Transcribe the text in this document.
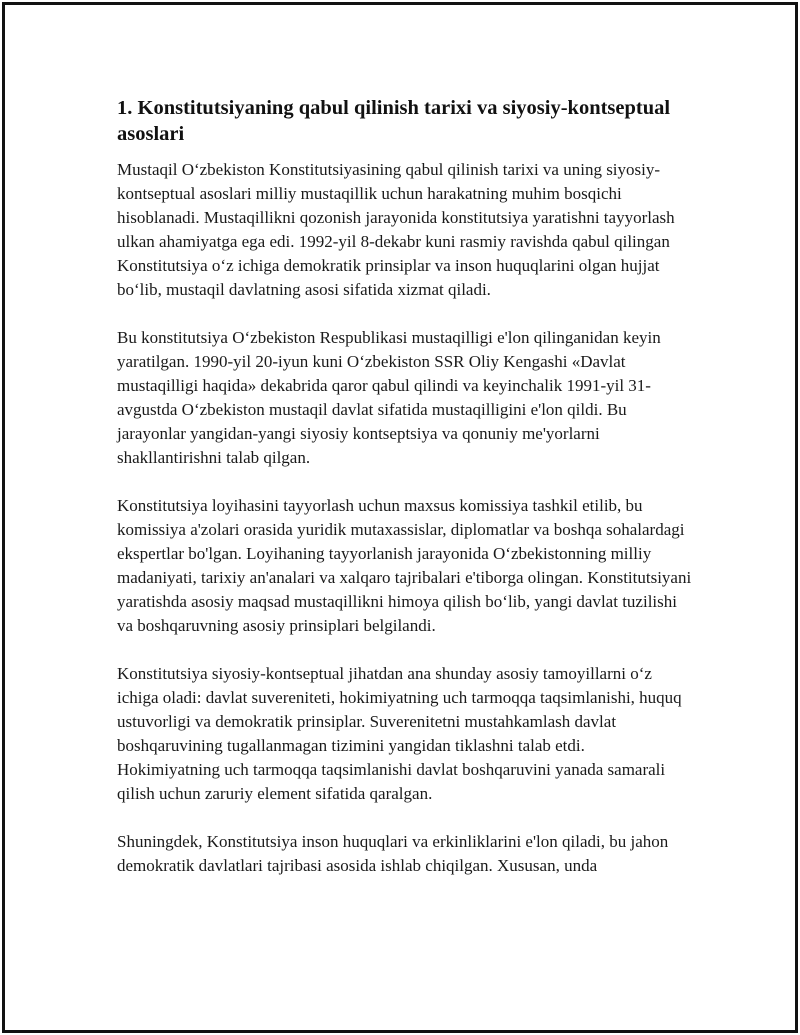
1. Konstitutsiyaning qabul qilinish tarixi va siyosiy-kontseptual asoslari

Mustaqil O‘zbekiston Konstitutsiyasining qabul qilinish tarixi va uning siyosiy-kontseptual asoslari milliy mustaqillik uchun harakatning muhim bosqichi hisoblanadi. Mustaqillikni qozonish jarayonida konstitutsiya yaratishni tayyorlash ulkan ahamiyatga ega edi. 1992-yil 8-dekabr kuni rasmiy ravishda qabul qilingan Konstitutsiya o‘z ichiga demokratik prinsiplar va inson huquqlarini olgan hujjat bo‘lib, mustaqil davlatning asosi sifatida xizmat qiladi.

Bu konstitutsiya O‘zbekiston Respublikasi mustaqilligi e'lon qilinganidan keyin yaratilgan. 1990-yil 20-iyun kuni O‘zbekiston SSR Oliy Kengashi «Davlat mustaqilligi haqida» dekabrida qaror qabul qilindi va keyinchalik 1991-yil 31-avgustda O‘zbekiston mustaqil davlat sifatida mustaqilligini e'lon qildi. Bu jarayonlar yangidan-yangi siyosiy kontseptsiya va qonuniy me'yorlarni shakllantirishni talab qilgan.

Konstitutsiya loyihasini tayyorlash uchun maxsus komissiya tashkil etilib, bu komissiya a'zolari orasida yuridik mutaxassislar, diplomatlar va boshqa sohalardagi ekspertlar bo'lgan. Loyihaning tayyorlanish jarayonida O‘zbekistonning milliy madaniyati, tarixiy an'analari va xalqaro tajribalari e'tiborga olingan. Konstitutsiyani yaratishda asosiy maqsad mustaqillikni himoya qilish bo‘lib, yangi davlat tuzilishi va boshqaruvning asosiy prinsiplari belgilandi.

Konstitutsiya siyosiy-kontseptual jihatdan ana shunday asosiy tamoyillarni o‘z ichiga oladi: davlat suvereniteti, hokimiyatning uch tarmoqqa taqsimlanishi, huquq ustuvorligi va demokratik prinsiplar. Suverenitetni mustahkamlash davlat boshqaruvining tugallanmagan tizimini yangidan tiklashni talab etdi. Hokimiyatning uch tarmoqqa taqsimlanishi davlat boshqaruvini yanada samarali qilish uchun zaruriy element sifatida qaralgan.

Shuningdek, Konstitutsiya inson huquqlari va erkinliklarini e'lon qiladi, bu jahon demokratik davlatlari tajribasi asosida ishlab chiqilgan. Xususan, unda
